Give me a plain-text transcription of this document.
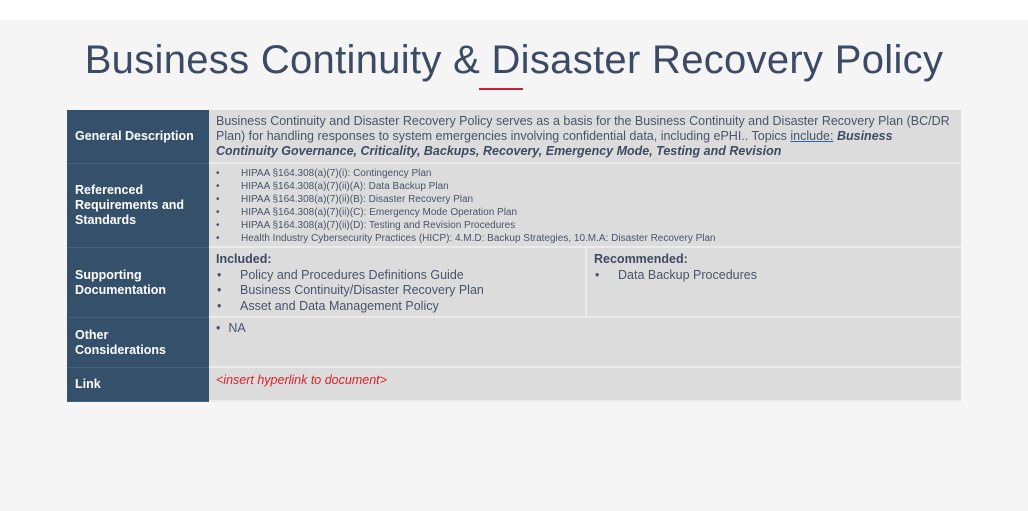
Business Continuity & Disaster Recovery Policy
General Description
Business Continuity and Disaster Recovery Policy serves as a basis for the Business Continuity and Disaster Recovery Plan (BC/DR Plan) for handling responses to system emergencies involving confidential data, including ePHI.. Topics include: Business Continuity Governance, Criticality, Backups, Recovery, Emergency Mode, Testing and Revision
Referenced
Requirements and
Standards
• HIPAA §164.308(a)(7)(i): Contingency Plan
• HIPAA §164.308(a)(7)(ii)(A): Data Backup Plan
• HIPAA §164.308(a)(7)(ii)(B): Disaster Recovery Plan
• HIPAA §164.308(a)(7)(ii)(C): Emergency Mode Operation Plan
• HIPAA §164.308(a)(7)(ii)(D): Testing and Revision Procedures
• Health Industry Cybersecurity Practices (HICP): 4.M.D: Backup Strategies, 10.M.A: Disaster Recovery Plan
Supporting
Documentation
Included:
• Policy and Procedures Definitions Guide
• Business Continuity/Disaster Recovery Plan
• Asset and Data Management Policy
Recommended:
• Data Backup Procedures
Other
Considerations
• NA
Link	<insert hyperlink to document>
